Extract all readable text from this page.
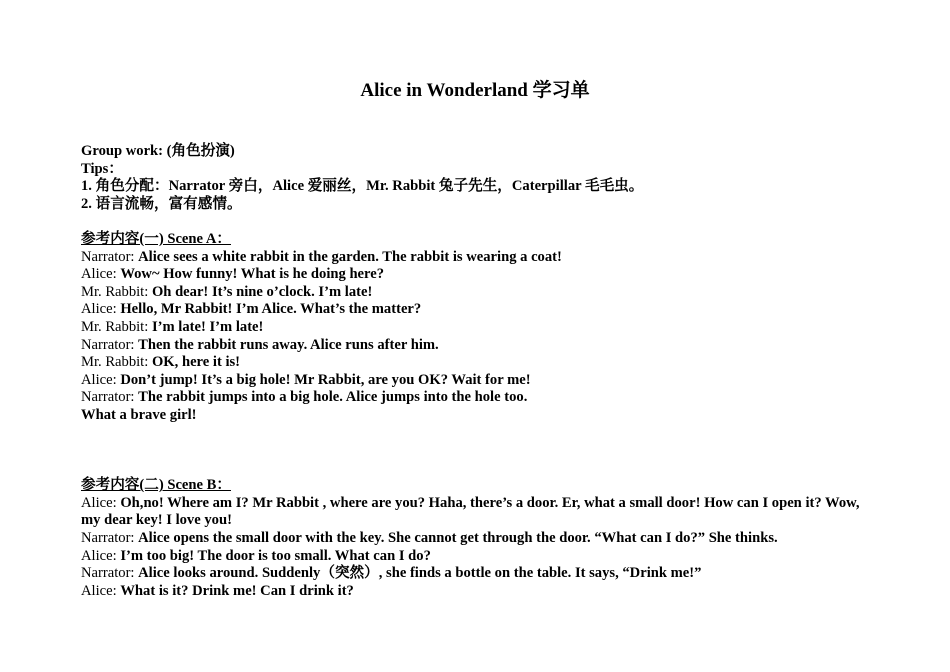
Alice in Wonderland 学习单

Group work: (角色扮演)

Tips：

1. 角色分配：Narrator 旁白，Alice 爱丽丝，Mr. Rabbit 兔子先生，Caterpillar 毛毛虫。

2. 语言流畅，富有感情。

参考内容(一) Scene A：

Narrator: Alice sees a white rabbit in the garden. The rabbit is wearing a coat!

Alice: Wow~ How funny! What is he doing here?

Mr. Rabbit: Oh dear! It’s nine o’clock. I’m late!

Alice: Hello, Mr Rabbit! I’m Alice. What’s the matter?

Mr. Rabbit: I’m late! I’m late!

Narrator: Then the rabbit runs away. Alice runs after him.

Mr. Rabbit: OK, here it is!

Alice: Don’t jump! It’s a big hole! Mr Rabbit, are you OK? Wait for me!

Narrator: The rabbit jumps into a big hole. Alice jumps into the hole too.

What a brave girl!

参考内容(二) Scene B：

Alice: Oh,no! Where am I? Mr Rabbit , where are you? Haha, there’s a door. Er, what a small door! How can I open it? Wow, my dear key! I love you!

Narrator: Alice opens the small door with the key. She cannot get through the door. “What can I do?” She thinks.

Alice: I’m too big! The door is too small. What can I do?

Narrator: Alice looks around. Suddenly（突然）, she finds a bottle on the table. It says, “Drink me!”

Alice: What is it? Drink me! Can I drink it?
